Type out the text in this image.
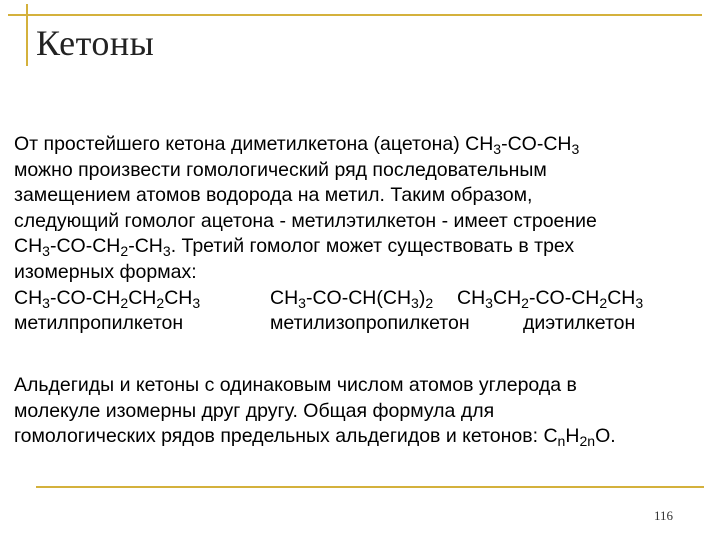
Кетоны
От простейшего кетона диметилкетона (ацетона) $CH_3-CO-CH_3$
можно произвести гомологический ряд последовательным
замещением атомов водорода на метил. Таким образом,
следующий гомолог ацетона - метилэтилкетон - имеет строение
$CH_3-CO-CH_2-CH_3$. Третий гомолог может существовать в трех
изомерных формах:
$CH_3-CO-CH_2CH_2CH_3$	$CH_3-CO-CH(CH_3)_2$ $CH_3CH_2-CO-CH_2CH_3$
метилпропилкетон	метилизопропилкетон	диэтилкетон
Альдегиды и кетоны с одинаковым числом атомов углерода в
молекуле изомерны друг другу. Общая формула для
гомологических рядов предельных альдегидов и кетонов: $C_nH_{2n}O$.
116
